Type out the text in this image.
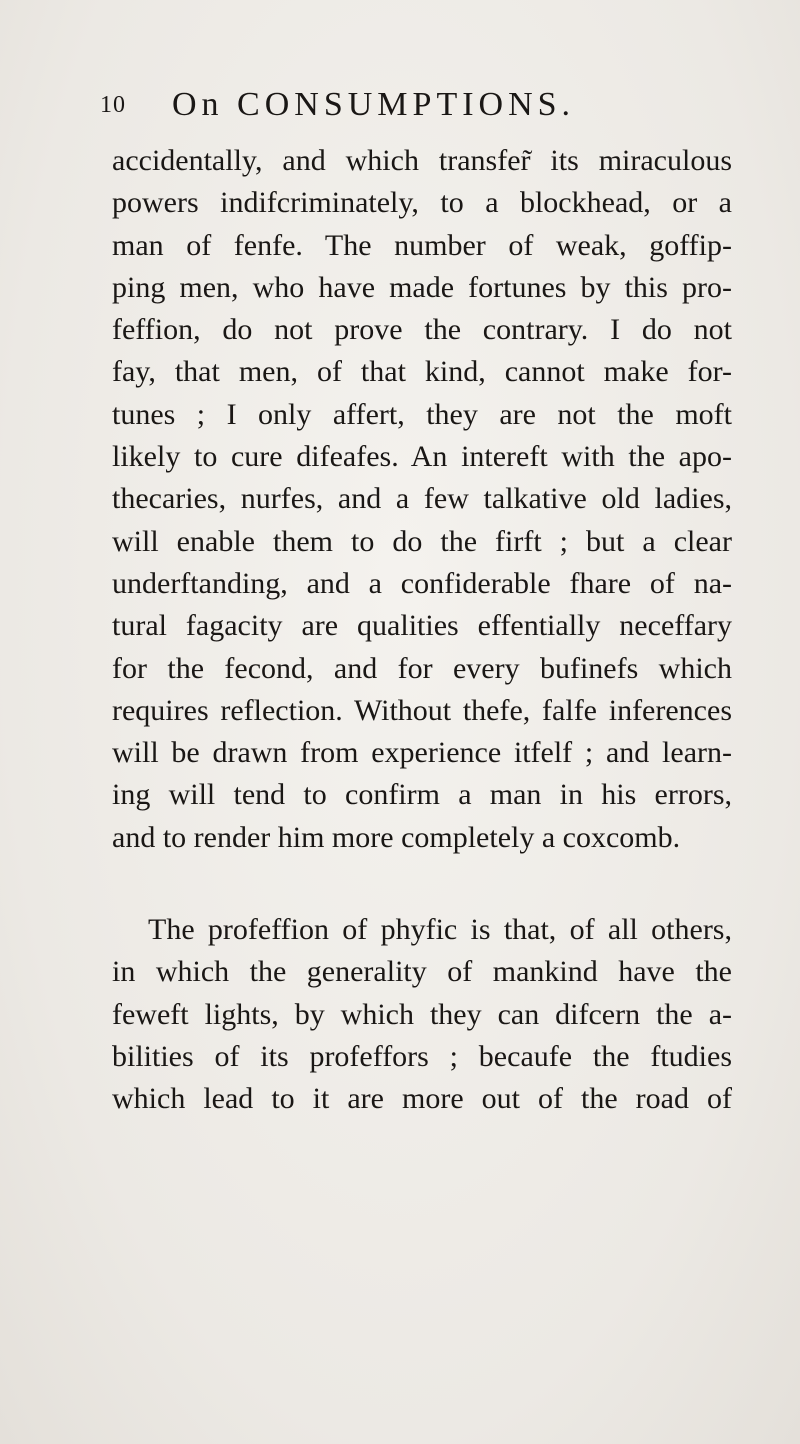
10 On CONSUMPTIONS.
accidentally, and which transfer̃ its miraculous
powers indifcriminately, to a blockhead, or a
man of fenfe. The number of weak, goffip-
ping men, who have made fortunes by this pro-
feffion, do not prove the contrary. I do not
fay, that men, of that kind, cannot make for-
tunes ; I only affert, they are not the moft
likely to cure difeafes. An intereft with the apo-
thecaries, nurfes, and a few talkative old ladies,
will enable them to do the firft ; but a clear
underftanding, and a confiderable fhare of na-
tural fagacity are qualities effentially neceffary
for the fecond, and for every bufinefs which
requires reflection. Without thefe, falfe inferences
will be drawn from experience itfelf ; and learn-
ing will tend to confirm a man in his errors,
and to render him more completely a coxcomb.
The profeffion of phyfic is that, of all others,
in which the generality of mankind have the
feweft lights, by which they can difcern the a-
bilities of its profeffors ; becaufe the ftudies
which lead to it are more out of the road of
